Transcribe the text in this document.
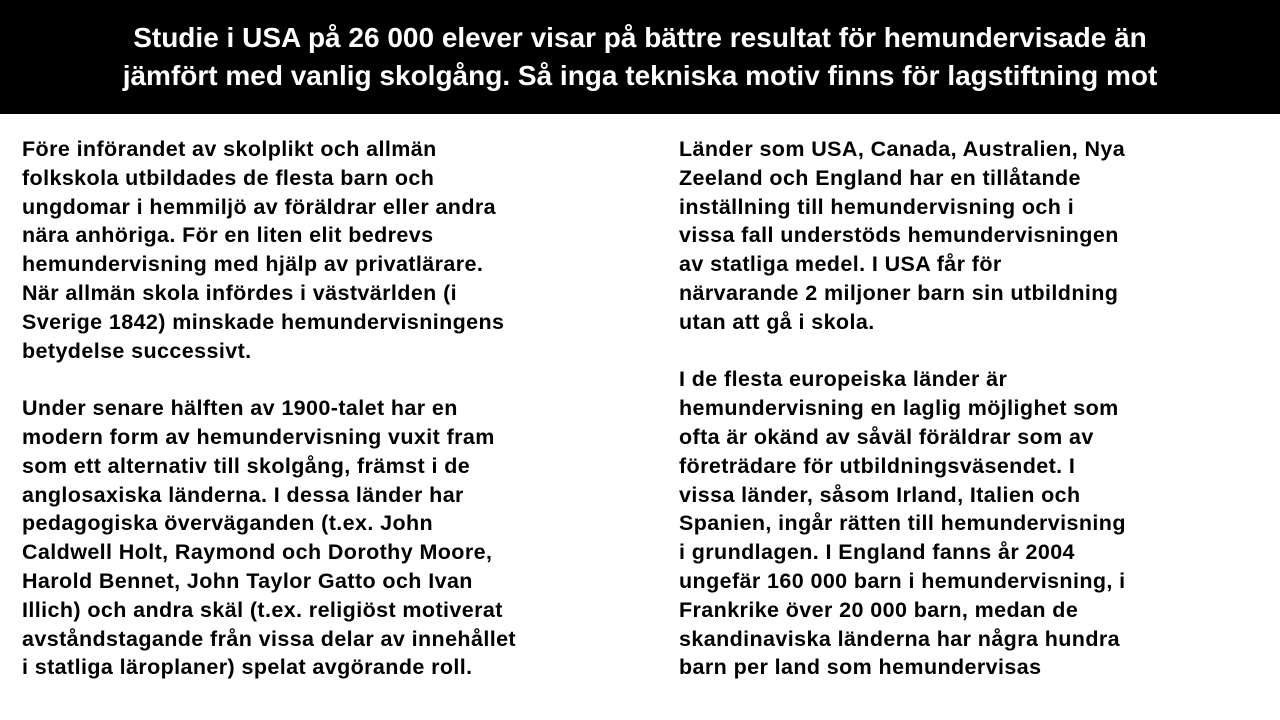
Studie i USA på 26 000 elever visar på bättre resultat för hemundervisade än
jämfört med vanlig skolgång. Så inga tekniska motiv finns för lagstiftning mot
Före införandet av skolplikt och allmän
folkskola utbildades de flesta barn och
ungdomar i hemmiljö av föräldrar eller andra
nära anhöriga. För en liten elit bedrevs
hemundervisning med hjälp av privatlärare.
När allmän skola infördes i västvärlden (i
Sverige 1842) minskade hemundervisningens
betydelse successivt.
Under senare hälften av 1900-talet har en
modern form av hemundervisning vuxit fram
som ett alternativ till skolgång, främst i de
anglosaxiska länderna. I dessa länder har
pedagogiska överväganden (t.ex. John
Caldwell Holt, Raymond och Dorothy Moore,
Harold Bennet, John Taylor Gatto och Ivan
Illich) och andra skäl (t.ex. religiöst motiverat
avståndstagande från vissa delar av innehållet
i statliga läroplaner) spelat avgörande roll.
Länder som USA, Canada, Australien, Nya
Zeeland och England har en tillåtande
inställning till hemundervisning och i
vissa fall understöds hemundervisningen
av statliga medel. I USA får för
närvarande 2 miljoner barn sin utbildning
utan att gå i skola.
I de flesta europeiska länder är
hemundervisning en laglig möjlighet som
ofta är okänd av såväl föräldrar som av
företrädare för utbildningsväsendet. I
vissa länder, såsom Irland, Italien och
Spanien, ingår rätten till hemundervisning
i grundlagen. I England fanns år 2004
ungefär 160 000 barn i hemundervisning, i
Frankrike över 20 000 barn, medan de
skandinaviska länderna har några hundra
barn per land som hemundervisas
